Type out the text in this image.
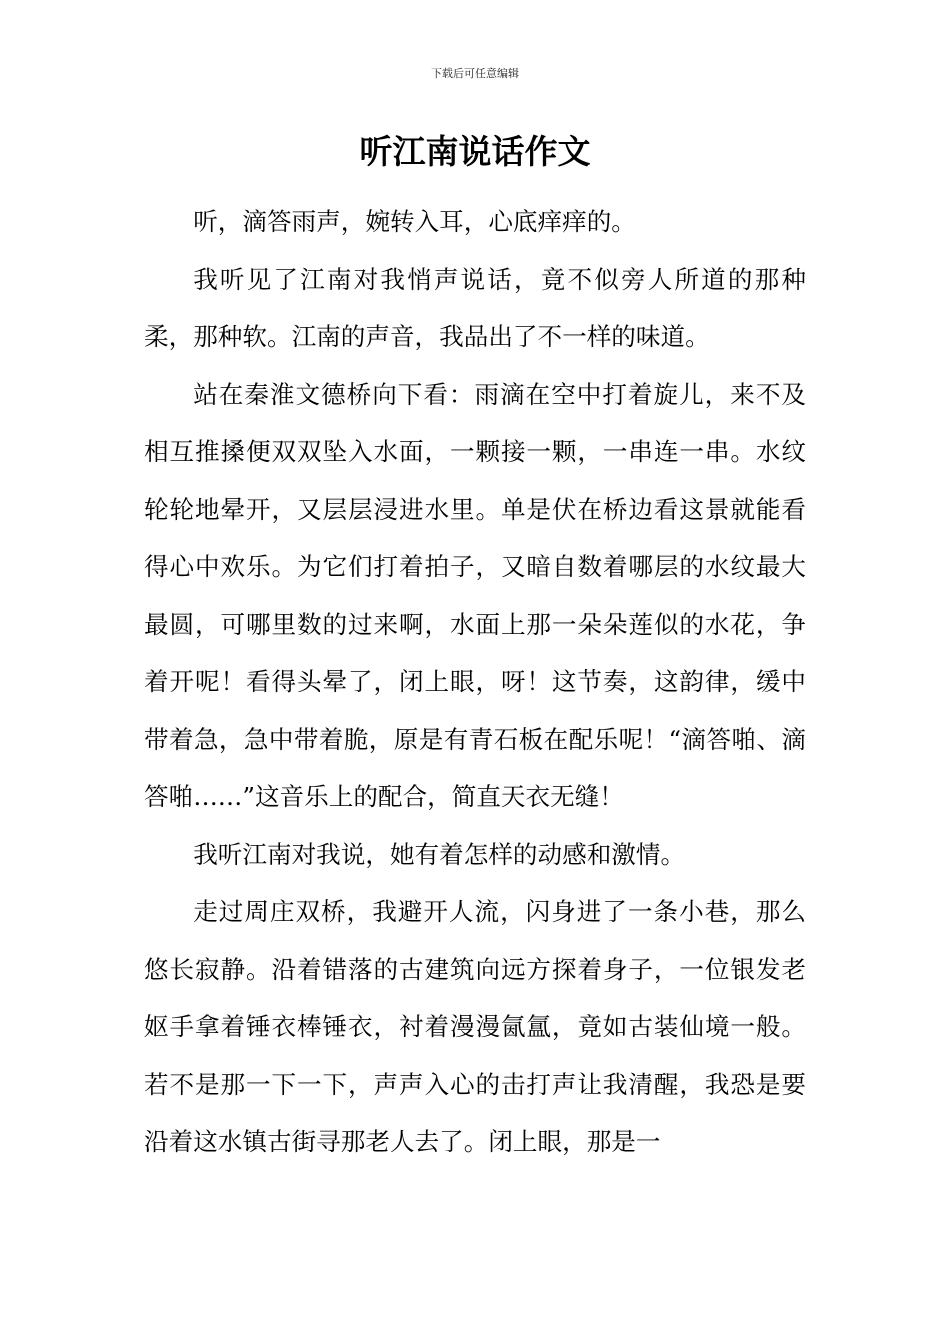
下载后可任意编辑
听江南说话作文

听，滴答雨声，婉转入耳，心底痒痒的。

我听见了江南对我悄声说话，竟不似旁人所道的那种柔，那种软。江南的声音，我品出了不一样的味道。

站在秦淮文德桥向下看：雨滴在空中打着旋儿，来不及相互推搡便双双坠入水面，一颗接一颗，一串连一串。水纹轮轮地晕开，又层层浸进水里。单是伏在桥边看这景就能看得心中欢乐。为它们打着拍子，又暗自数着哪层的水纹最大最圆，可哪里数的过来啊，水面上那一朵朵莲似的水花，争着开呢！看得头晕了，闭上眼，呀！这节奏，这韵律，缓中带着急，急中带着脆，原是有青石板在配乐呢！“滴答啪、滴答啪……”这音乐上的配合，简直天衣无缝！

我听江南对我说，她有着怎样的动感和激情。

走过周庄双桥，我避开人流，闪身进了一条小巷，那么悠长寂静。沿着错落的古建筑向远方探着身子，一位银发老妪手拿着锤衣棒锤衣，衬着漫漫氤氲，竟如古装仙境一般。若不是那一下一下，声声入心的击打声让我清醒，我恐是要沿着这水镇古街寻那老人去了。闭上眼，那是一
